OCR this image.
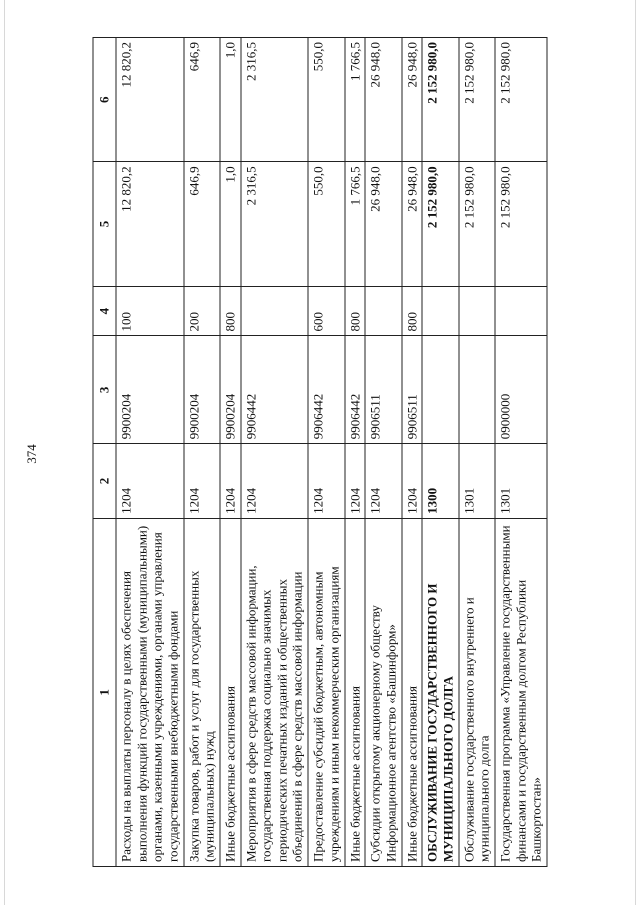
374
1	2	3	4	5	6
Расходы на выплаты персоналу в целях обеспечения выполнения функций государственными (муниципальными) органами, казенными учреждениями, органами управления государственными внебюджетными фондами	1204	9900204	100	12 820,2	12 820,2
Закупка товаров, работ и услуг для государственных (муниципальных) нужд	1204	9900204	200	646,9	646,9
Иные бюджетные ассигнования	1204	9900204	800	1,0	1,0
Мероприятия в сфере средств массовой информации, государственная поддержка социально значимых периодических печатных изданий и общественных объединений в сфере средств массовой информации	1204	9906442		2 316,5	2 316,5
Предоставление субсидий бюджетным, автономным учреждениям и иным некоммерческим организациям	1204	9906442	600	550,0	550,0
Иные бюджетные ассигнования	1204	9906442	800	1 766,5	1 766,5
Субсидии открытому акционерному обществу Информационное агентство «Башинформ»	1204	9906511		26 948,0	26 948,0
Иные бюджетные ассигнования	1204	9906511	800	26 948,0	26 948,0
ОБСЛУЖИВАНИЕ ГОСУДАРСТВЕННОГО И МУНИЦИПАЛЬНОГО ДОЛГА	1300			2 152 980,0	2 152 980,0
Обслуживание государственного внутреннего и муниципального долга	1301			2 152 980,0	2 152 980,0
Государственная программа «Управление государственными финансами и государственным долгом Республики Башкортостан»	1301	0900000		2 152 980,0	2 152 980,0
